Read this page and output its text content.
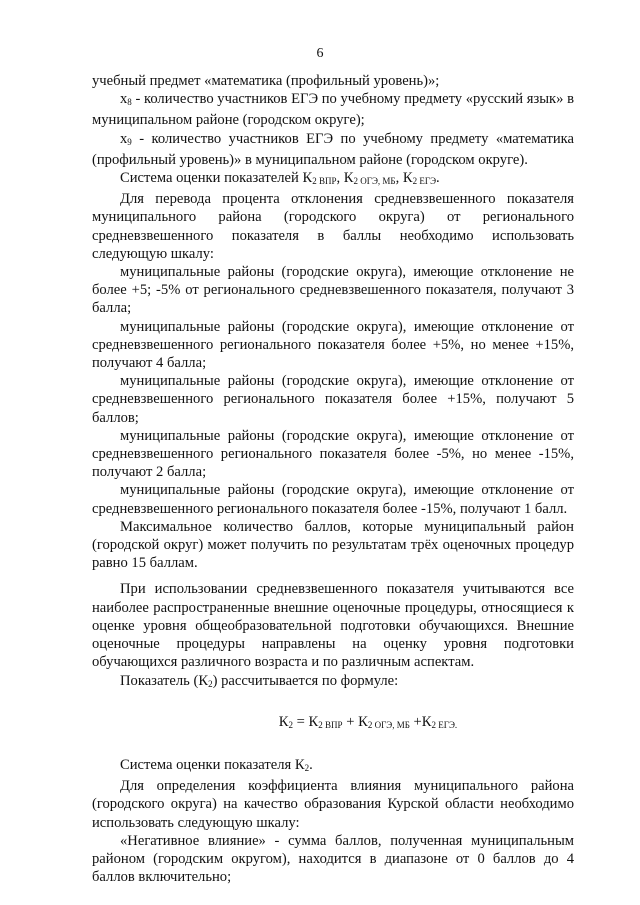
6

учебный предмет «математика (профильный уровень)»;

$x_8$ - количество участников ЕГЭ по учебному предмету «русский язык» в муниципальном районе (городском округе);

$x_9$ - количество участников ЕГЭ по учебному предмету «математика (профильный уровень)» в муниципальном районе (городском округе).

Система оценки показателей $К_{2 ВПР}$, $К_{2 ОГЭ, МБ}$, $К_{2 ЕГЭ}$.

Для перевода процента отклонения средневзвешенного показателя муниципального района (городского округа) от регионального средневзвешенного показателя в баллы необходимо использовать следующую шкалу:

муниципальные районы (городские округа), имеющие отклонение не более +5; -5% от регионального средневзвешенного показателя, получают 3 балла;

муниципальные районы (городские округа), имеющие отклонение от средневзвешенного регионального показателя более +5%, но менее +15%, получают 4 балла;

муниципальные районы (городские округа), имеющие отклонение от средневзвешенного регионального показателя более +15%, получают 5 баллов;

муниципальные районы (городские округа), имеющие отклонение от средневзвешенного регионального показателя более -5%, но менее -15%, получают 2 балла;

муниципальные районы (городские округа), имеющие отклонение от средневзвешенного регионального показателя более -15%, получают 1 балл.

Максимальное количество баллов, которые муниципальный район (городской округ) может получить по результатам трёх оценочных процедур равно 15 баллам.

При использовании средневзвешенного показателя учитываются все наиболее распространенные внешние оценочные процедуры, относящиеся к оценке уровня общеобразовательной подготовки обучающихся. Внешние оценочные процедуры направлены на оценку уровня подготовки обучающихся различного возраста и по различным аспектам.

Показатель $(К_2)$ рассчитывается по формуле:

$К_2 = К_{2 ВПР} + К_{2 ОГЭ, МБ} +К_{2 ЕГЭ.}$

Система оценки показателя $К_2$.

Для определения коэффициента влияния муниципального района (городского округа) на качество образования Курской области необходимо использовать следующую шкалу:

«Негативное влияние» - сумма баллов, полученная муниципальным районом (городским округом), находится в диапазоне от 0 баллов до 4 баллов включительно;
